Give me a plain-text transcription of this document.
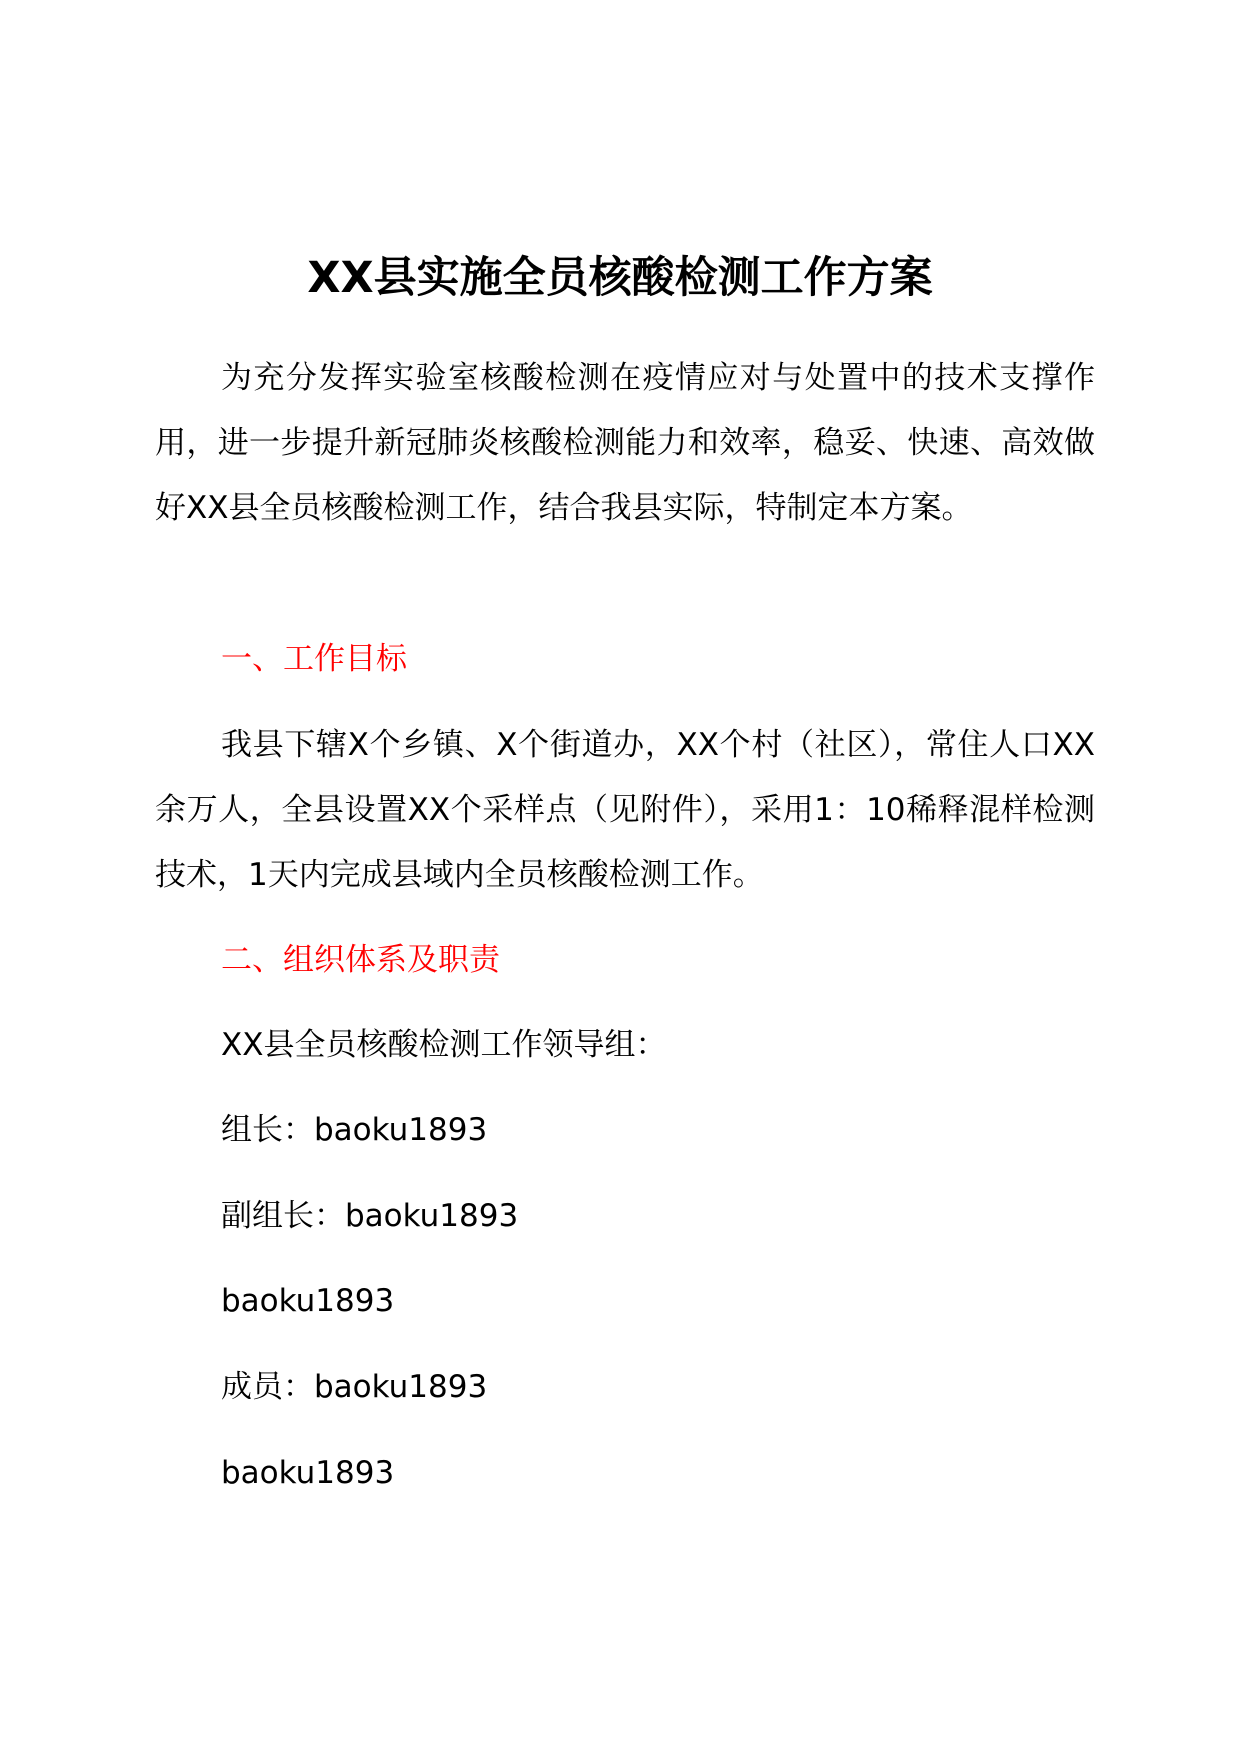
XX县实施全员核酸检测工作方案

为充分发挥实验室核酸检测在疫情应对与处置中的技术支撑作用，进一步提升新冠肺炎核酸检测能力和效率，稳妥、快速、高效做好XX县全员核酸检测工作，结合我县实际，特制定本方案。

一、工作目标

我县下辖X个乡镇、X个街道办，XX个村（社区），常住人口XX余万人，全县设置XX个采样点（见附件），采用1：10稀释混样检测技术，1天内完成县域内全员核酸检测工作。

二、组织体系及职责
XX县全员核酸检测工作领导组：
组长：baoku1893
副组长：baoku1893
baoku1893
成员：baoku1893
baoku1893
